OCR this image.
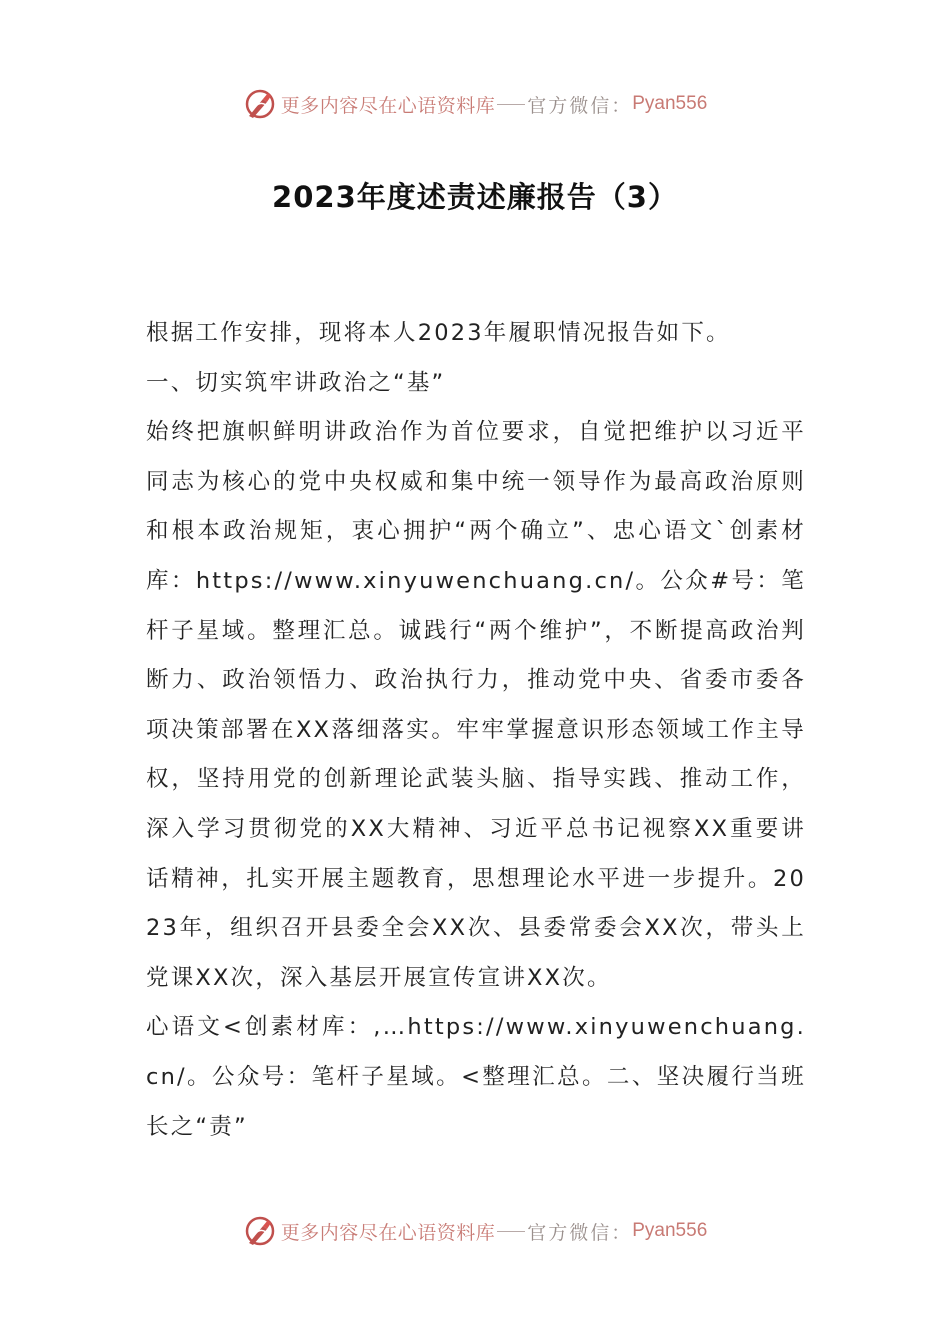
更多内容尽在心语资料库 官方微信： Pyan556
2023年度述责述廉报告（3）

根据工作安排，现将本人2023年履职情况报告如下。

一、切实筑牢讲政治之“基”

始终把旗帜鲜明讲政治作为首位要求，自觉把维护以习近平同志为核心的党中央权威和集中统一领导作为最高政治原则和根本政治规矩，衷心拥护“两个确立”、忠心语文`创素材库：https://www.xinyuwenchuang.cn/。公众#号：笔杆子星域。整理汇总。诚践行“两个维护”，不断提高政治判断力、政治领悟力、政治执行力，推动党中央、省委市委各项决策部署在XX落细落实。牢牢掌握意识形态领域工作主导权，坚持用党的创新理论武装头脑、指导实践、推动工作，深入学习贯彻党的XX大精神、习近平总书记视察XX重要讲话精神，扎实开展主题教育，思想理论水平进一步提升。2023年，组织召开县委全会XX次、县委常委会XX次，带头上党课XX次，深入基层开展宣传宣讲XX次。

心语文<创素材库：,…https://www.xinyuwenchuang.cn/。公众号：笔杆子星域。<整理汇总。二、坚决履行当班长之“责”

更多内容尽在心语资料库 官方微信： Pyan556
